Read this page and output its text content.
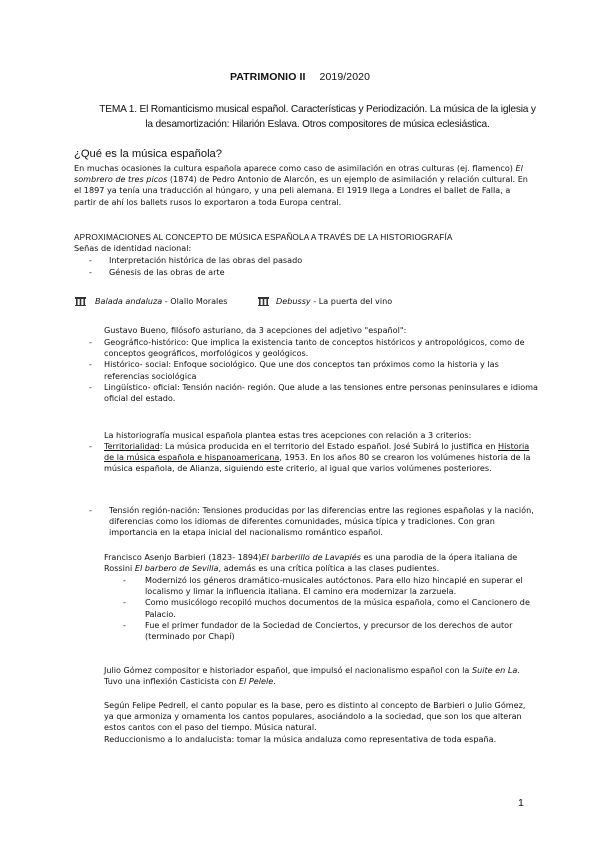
PATRIMONIO II 2019/2020
TEMA 1. El Romanticismo musical español. Características y Periodización. La música de la iglesia y la desamortización: Hilarión Eslava. Otros compositores de música eclesiástica.
¿Qué es la música española?
En muchas ocasiones la cultura española aparece como caso de asimilación en otras culturas (ej. flamenco) El sombrero de tres picos (1874) de Pedro Antonio de Alarcón, es un ejemplo de asimilación y relación cultural. En el 1897 ya tenía una traducción al húngaro, y una peli alemana. El 1919 llega a Londres el ballet de Falla, a partir de ahí los ballets rusos lo exportaron a toda Europa central.
APROXIMACIONES AL CONCEPTO DE MÚSICA ESPAÑOLA A TRAVÉS DE LA HISTORIOGRAFÍA
Señas de identidad nacional:
- Interpretación histórica de las obras del pasado
- Génesis de las obras de arte
Balada andaluza - Olallo Morales	Debussy - La puerta del vino
Gustavo Bueno, filósofo asturiano, da 3 acepciones del adjetivo "español":
- Geográfico-histórico: Que implica la existencia tanto de conceptos históricos y antropológicos, como de conceptos geográficos, morfológicos y geológicos.
- Histórico- social: Enfoque sociológico. Que une dos conceptos tan próximos como la historia y las referencias sociológica
- Lingüístico- oficial: Tensión nación- región. Que alude a las tensiones entre personas peninsulares e idioma oficial del estado.
La historiografía musical española plantea estas tres acepciones con relación a 3 criterios:
- Territorialidad: La música producida en el territorio del Estado español. José Subirá lo justifica en Historia de la música española e hispanoamericana, 1953. En los años 80 se crearon los volúmenes historia de la música española, de Alianza, siguiendo este criterio, al igual que varios volúmenes posteriores.
- Tensión región-nación: Tensiones producidas por las diferencias entre las regiones españolas y la nación, diferencias como los idiomas de diferentes comunidades, música típica y tradiciones. Con gran importancia en la etapa inicial del nacionalismo romántico español.
Francisco Asenjo Barbieri (1823- 1894)El barberillo de Lavapiés es una parodia de la ópera italiana de Rossini El barbero de Sevilla, además es una crítica política a las clases pudientes.
- Modernizó los géneros dramático-musicales autóctonos. Para ello hizo hincapié en superar el localismo y limar la influencia italiana. El camino era modernizar la zarzuela.
- Como musicólogo recopiló muchos documentos de la música española, como el Cancionero de Palacio.
- Fue el primer fundador de la Sociedad de Conciertos, y precursor de los derechos de autor (terminado por Chapí)
Julio Gómez compositor e historiador español, que impulsó el nacionalismo español con la Suite en La. Tuvo una inflexión Casticista con El Pelele.
Según Felipe Pedrell, el canto popular es la base, pero es distinto al concepto de Barbieri o Julio Gómez, ya que armoniza y ornamenta los cantos populares, asociándolo a la sociedad, que son los que alteran estos cantos con el paso del tiempo. Música natural.
Reduccionismo a lo andalucista: tomar la música andaluza como representativa de toda españa.
1
